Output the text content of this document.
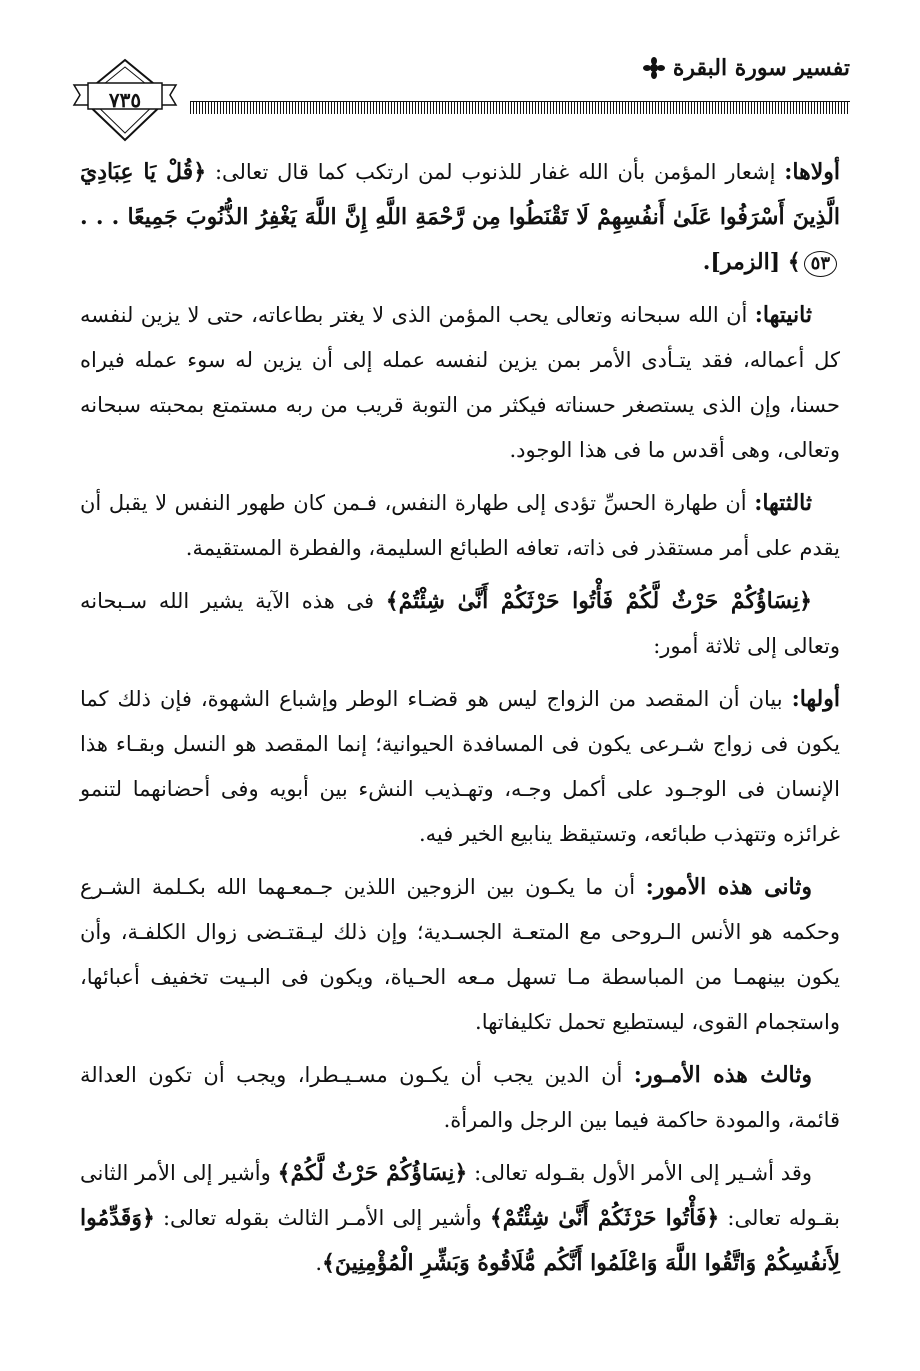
تفسير سورة البقرة
٧٣٥

أولاها: إشعار المؤمن بأن الله غفار للذنوب لمن ارتكب كما قال تعالى: ﴿قُلْ يَا عِبَادِيَ الَّذِينَ أَسْرَفُوا عَلَىٰ أَنفُسِهِمْ لَا تَقْنَطُوا مِن رَّحْمَةِ اللَّهِ إِنَّ اللَّهَ يَغْفِرُ الذُّنُوبَ جَمِيعًا . . . ٥٣﴾ [الزمر].

ثانيتها: أن الله سبحانه وتعالى يحب المؤمن الذى لا يغتر بطاعاته، حتى لا يزين لنفسه كل أعماله، فقد يتـأدى الأمر بمن يزين لنفسه عمله إلى أن يزين له سوء عمله فيراه حسنا، وإن الذى يستصغر حسناته فيكثر من التوبة قريب من ربه مستمتع بمحبته سبحانه وتعالى، وهى أقدس ما فى هذا الوجود.

ثالثتها: أن طهارة الحسِّ تؤدى إلى طهارة النفس، فـمن كان طهور النفس لا يقبل أن يقدم على أمر مستقذر فى ذاته، تعافه الطبائع السليمة، والفطرة المستقيمة.

﴿نِسَاؤُكُمْ حَرْثٌ لَّكُمْ فَأْتُوا حَرْثَكُمْ أَنَّىٰ شِئْتُمْ﴾ فى هذه الآية يشير الله سـبحانه وتعالى إلى ثلاثة أمور:

أولها: بيان أن المقصد من الزواج ليس هو قضـاء الوطر وإشباع الشهوة، فإن ذلك كما يكون فى زواج شـرعى يكون فى المسافدة الحيوانية؛ إنما المقصد هو النسل وبقـاء هذا الإنسان فى الوجـود على أكمل وجـه، وتهـذيب النشء بين أبويه وفى أحضانهما لتنمو غرائزه وتتهذب طبائعه، وتستيقظ ينابيع الخير فيه.

وثانى هذه الأمور: أن ما يكـون بين الزوجين اللذين جـمعـهما الله بكـلمة الشـرع وحكمه هو الأنس الـروحى مع المتعـة الجسـدية؛ وإن ذلك ليـقتـضى زوال الكلفـة، وأن يكون بينهمـا من المباسطة مـا تسهل مـعه الحـياة، ويكون فى البـيت تخفيف أعبائها، واستجمام القوى، ليستطيع تحمل تكليفاتها.

وثالث هذه الأمـور: أن الدين يجب أن يكـون مسـيـطرا، ويجب أن تكون العدالة قائمة، والمودة حاكمة فيما بين الرجل والمرأة.

وقد أشـير إلى الأمر الأول بقـوله تعالى: ﴿نِسَاؤُكُمْ حَرْثٌ لَّكُمْ﴾ وأشير إلى الأمر الثانى بقـوله تعالى: ﴿فَأْتُوا حَرْثَكُمْ أَنَّىٰ شِئْتُمْ﴾ وأشير إلى الأمـر الثالث بقوله تعالى: ﴿وَقَدِّمُوا لِأَنفُسِكُمْ وَاتَّقُوا اللَّهَ وَاعْلَمُوا أَنَّكُم مُّلَاقُوهُ وَبَشِّرِ الْمُؤْمِنِينَ﴾.
